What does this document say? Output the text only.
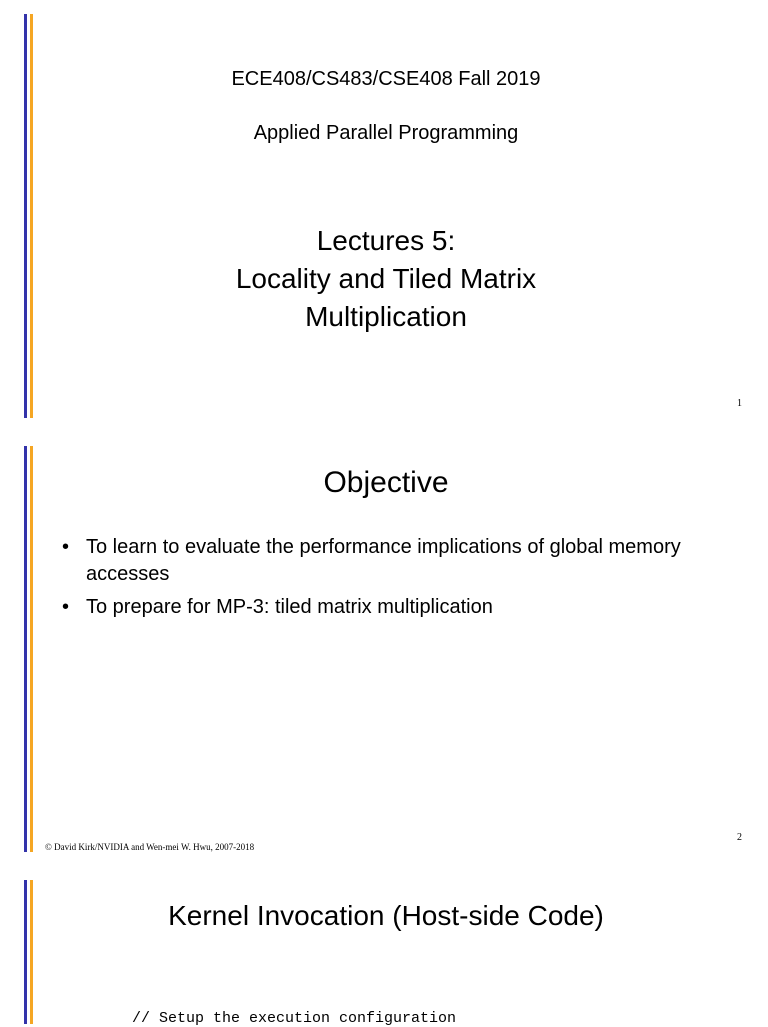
ECE408/CS483/CSE408 Fall 2019
Applied Parallel Programming
Lectures 5:
Locality and Tiled Matrix
Multiplication
1
Objective
• To learn to evaluate the performance implications of global memory accesses
• To prepare for MP-3: tiled matrix multiplication
© David Kirk/NVIDIA and Wen-mei W. Hwu, 2007-2018
2
Kernel Invocation (Host-side Code)
// Setup the execution configuration
